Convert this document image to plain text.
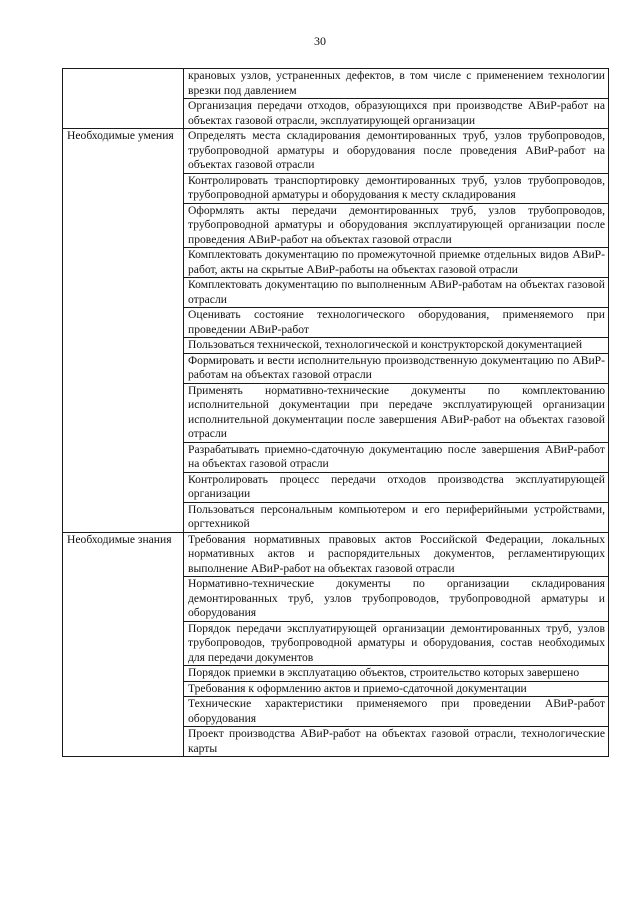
30
	крановых узлов, устраненных дефектов, в том числе с применением технологии врезки под давлением
	Организация передачи отходов, образующихся при производстве АВиР-работ на объектах газовой отрасли, эксплуатирующей организации
Необходимые умения	Определять места складирования демонтированных труб, узлов трубопроводов, трубопроводной арматуры и оборудования после проведения АВиР-работ на объектах газовой отрасли
	Контролировать транспортировку демонтированных труб, узлов трубопроводов, трубопроводной арматуры и оборудования к месту складирования
	Оформлять акты передачи демонтированных труб, узлов трубопроводов, трубопроводной арматуры и оборудования эксплуатирующей организации после проведения АВиР-работ на объектах газовой отрасли
	Комплектовать документацию по промежуточной приемке отдельных видов АВиР-работ, акты на скрытые АВиР-работы на объектах газовой отрасли
	Комплектовать документацию по выполненным АВиР-работам на объектах газовой отрасли
	Оценивать состояние технологического оборудования, применяемого при проведении АВиР-работ
	Пользоваться технической, технологической и конструкторской документацией
	Формировать и вести исполнительную производственную документацию по АВиР-работам на объектах газовой отрасли
	Применять нормативно-технические документы по комплектованию исполнительной документации при передаче эксплуатирующей организации исполнительной документации после завершения АВиР-работ на объектах газовой отрасли
	Разрабатывать приемно-сдаточную документацию после завершения АВиР-работ на объектах газовой отрасли
	Контролировать процесс передачи отходов производства эксплуатирующей организации
	Пользоваться персональным компьютером и его периферийными устройствами, оргтехникой
Необходимые знания	Требования нормативных правовых актов Российской Федерации, локальных нормативных актов и распорядительных документов, регламентирующих выполнение АВиР-работ на объектах газовой отрасли
	Нормативно-технические документы по организации складирования демонтированных труб, узлов трубопроводов, трубопроводной арматуры и оборудования
	Порядок передачи эксплуатирующей организации демонтированных труб, узлов трубопроводов, трубопроводной арматуры и оборудования, состав необходимых для передачи документов
	Порядок приемки в эксплуатацию объектов, строительство которых завершено
	Требования к оформлению актов и приемо-сдаточной документации
	Технические характеристики применяемого при проведении АВиР-работ оборудования
	Проект производства АВиР-работ на объектах газовой отрасли, технологические карты
